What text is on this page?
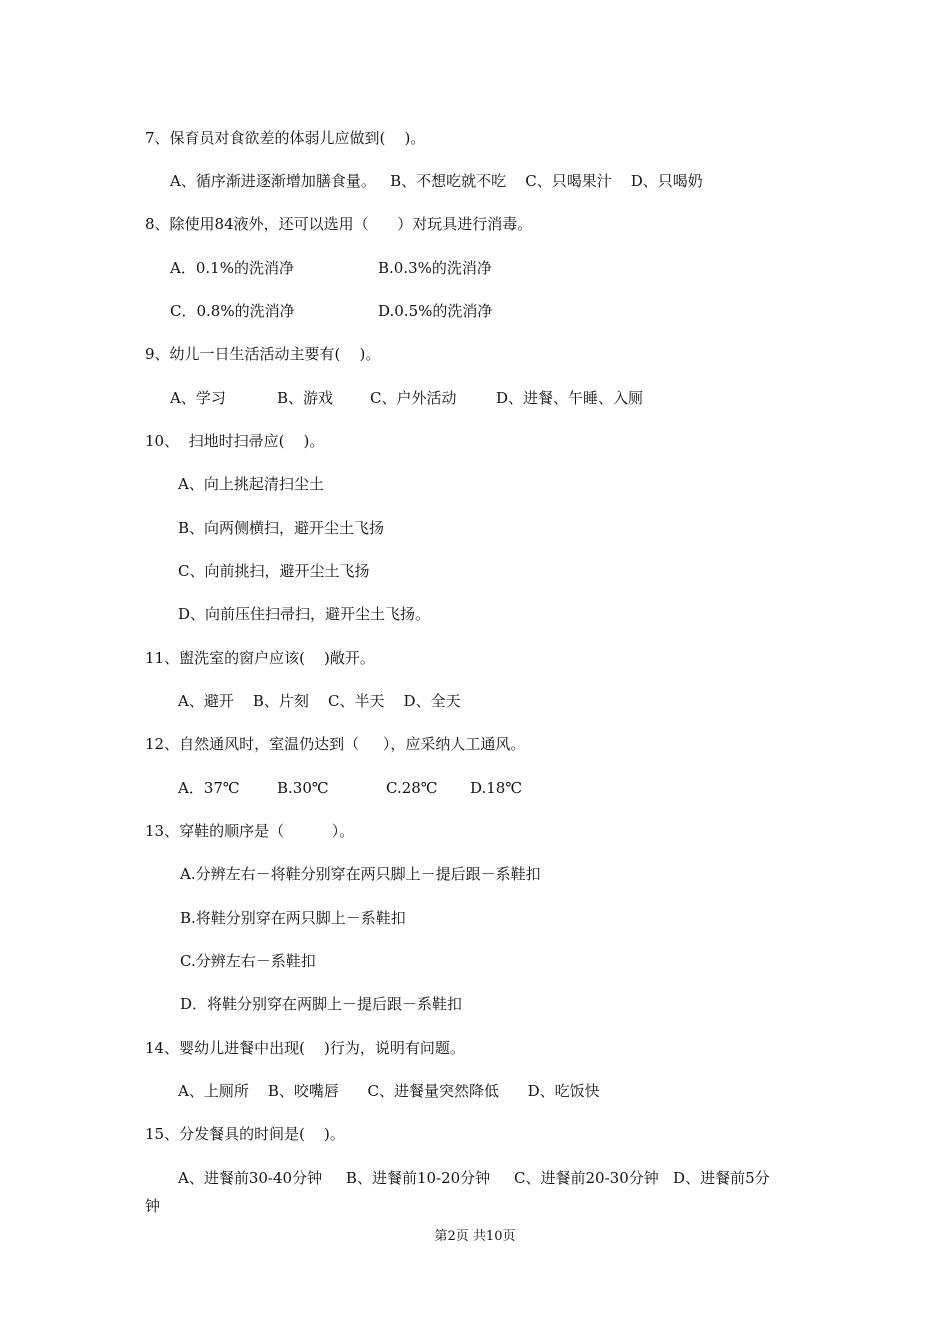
7、保育员对食欲差的体弱儿应做到(    )。
A、循序渐进逐渐增加膳食量。   B、不想吃就不吃    C、只喝果汁    D、只喝奶
8、除使用84液外，还可以选用（      ）对玩具进行消毒。
A．0.1%的洗消净	B.0.3%的洗消净
C．0.8%的洗消净	D.0.5%的洗消净
9、幼儿一日生活活动主要有(    )。
A、学习	B、游戏 C、户外活动	D、进餐、午睡、入厕
10、  扫地时扫帚应(    )。
A、向上挑起清扫尘土
B、向两侧横扫，避开尘土飞扬
C、向前挑扫，避开尘土飞扬
D、向前压住扫帚扫，避开尘土飞扬。
11、盥洗室的窗户应该(    )敞开。
A、避开    B、片刻    C、半天    D、全天
12、自然通风时，室温仍达到（     ），应采纳人工通风。
A．37℃ B.30℃	C.28℃ D.18℃
13、穿鞋的顺序是（          ）。
A.分辨左右－将鞋分别穿在两只脚上－提后跟－系鞋扣
B.将鞋分别穿在两只脚上－系鞋扣
C.分辨左右－系鞋扣
D．将鞋分别穿在两脚上－提后跟－系鞋扣
14、婴幼儿进餐中出现(    )行为，说明有问题。
A、上厕所    B、咬嘴唇      C、进餐量突然降低      D、吃饭快
15、分发餐具的时间是(    )。
A、进餐前30-40分钟     B、进餐前10-20分钟     C、进餐前20-30分钟   D、进餐前5分
钟
第2页 共10页
